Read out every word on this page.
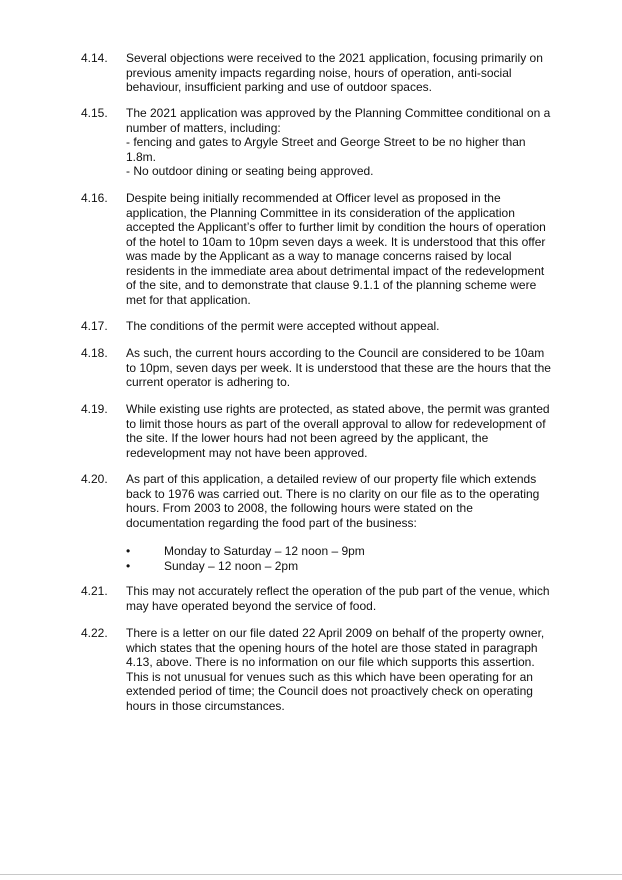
4.14.	Several objections were received to the 2021 application, focusing primarily on
previous amenity impacts regarding noise, hours of operation, anti-social
behaviour, insufficient parking and use of outdoor spaces.
4.15.	The 2021 application was approved by the Planning Committee conditional on a
number of matters, including:
- fencing and gates to Argyle Street and George Street to be no higher than
1.8m.
- No outdoor dining or seating being approved.
4.16.	Despite being initially recommended at Officer level as proposed in the
application, the Planning Committee in its consideration of the application
accepted the Applicant’s offer to further limit by condition the hours of operation
of the hotel to 10am to 10pm seven days a week. It is understood that this offer
was made by the Applicant as a way to manage concerns raised by local
residents in the immediate area about detrimental impact of the redevelopment
of the site, and to demonstrate that clause 9.1.1 of the planning scheme were
met for that application.
4.17.	The conditions of the permit were accepted without appeal.
4.18.	As such, the current hours according to the Council are considered to be 10am
to 10pm, seven days per week. It is understood that these are the hours that the
current operator is adhering to.
4.19.	While existing use rights are protected, as stated above, the permit was granted
to limit those hours as part of the overall approval to allow for redevelopment of
the site. If the lower hours had not been agreed by the applicant, the
redevelopment may not have been approved.
4.20.	As part of this application, a detailed review of our property file which extends
back to 1976 was carried out. There is no clarity on our file as to the operating
hours. From 2003 to 2008, the following hours were stated on the
documentation regarding the food part of the business:
•	Monday to Saturday – 12 noon – 9pm
•	Sunday – 12 noon – 2pm
4.21.	This may not accurately reflect the operation of the pub part of the venue, which
may have operated beyond the service of food.
4.22.	There is a letter on our file dated 22 April 2009 on behalf of the property owner,
which states that the opening hours of the hotel are those stated in paragraph
4.13, above. There is no information on our file which supports this assertion.
This is not unusual for venues such as this which have been operating for an
extended period of time; the Council does not proactively check on operating
hours in those circumstances.
